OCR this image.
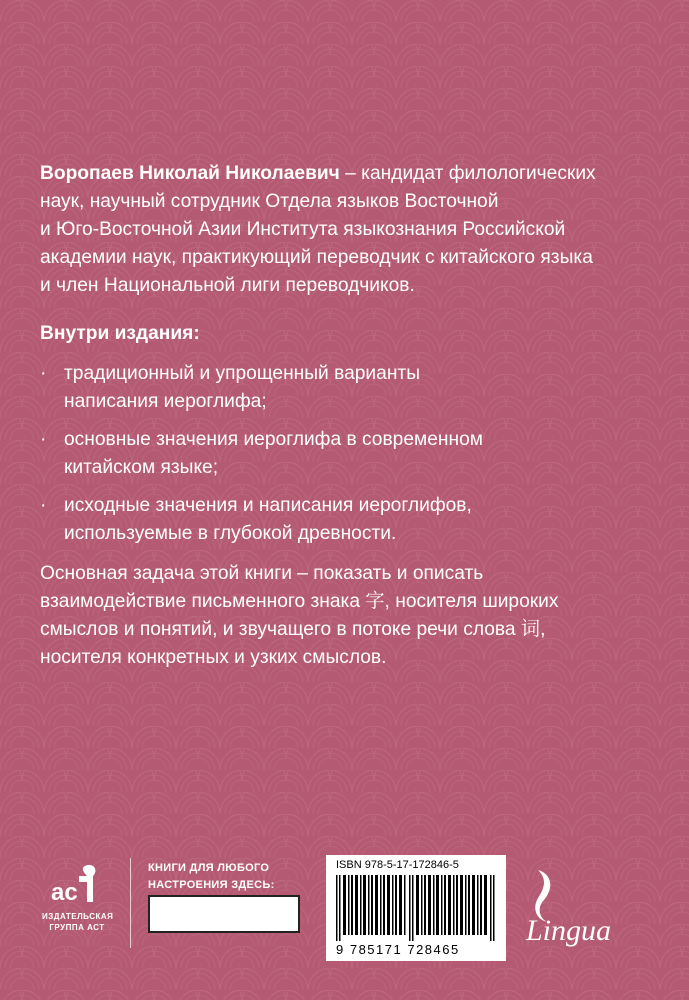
Воропаев Николай Николаевич – кандидат филологических
наук, научный сотрудник Отдела языков Восточной
и Юго-Восточной Азии Института языкознания Российской
академии наук, практикующий переводчик с китайского языка
и член Национальной лиги переводчиков.

Внутри издания:

· традиционный и упрощенный варианты
написания иероглифа;
· основные значения иероглифа в современном
китайском языке;
· исходные значения и написания иероглифов,
используемые в глубокой древности.

Основная задача этой книги – показать и описать
взаимодействие письменного знака 字, носителя широких
смыслов и понятий, и звучащего в потоке речи слова 词,
носителя конкретных и узких смыслов.

ac
ИЗДАТЕЛЬСКАЯ
ГРУППА АСТ
КНИГИ ДЛЯ ЛЮБОГО
НАСТРОЕНИЯ ЗДЕСЬ:
ISBN 978-5-17-172846-5
9 785171 728465
Lingua
